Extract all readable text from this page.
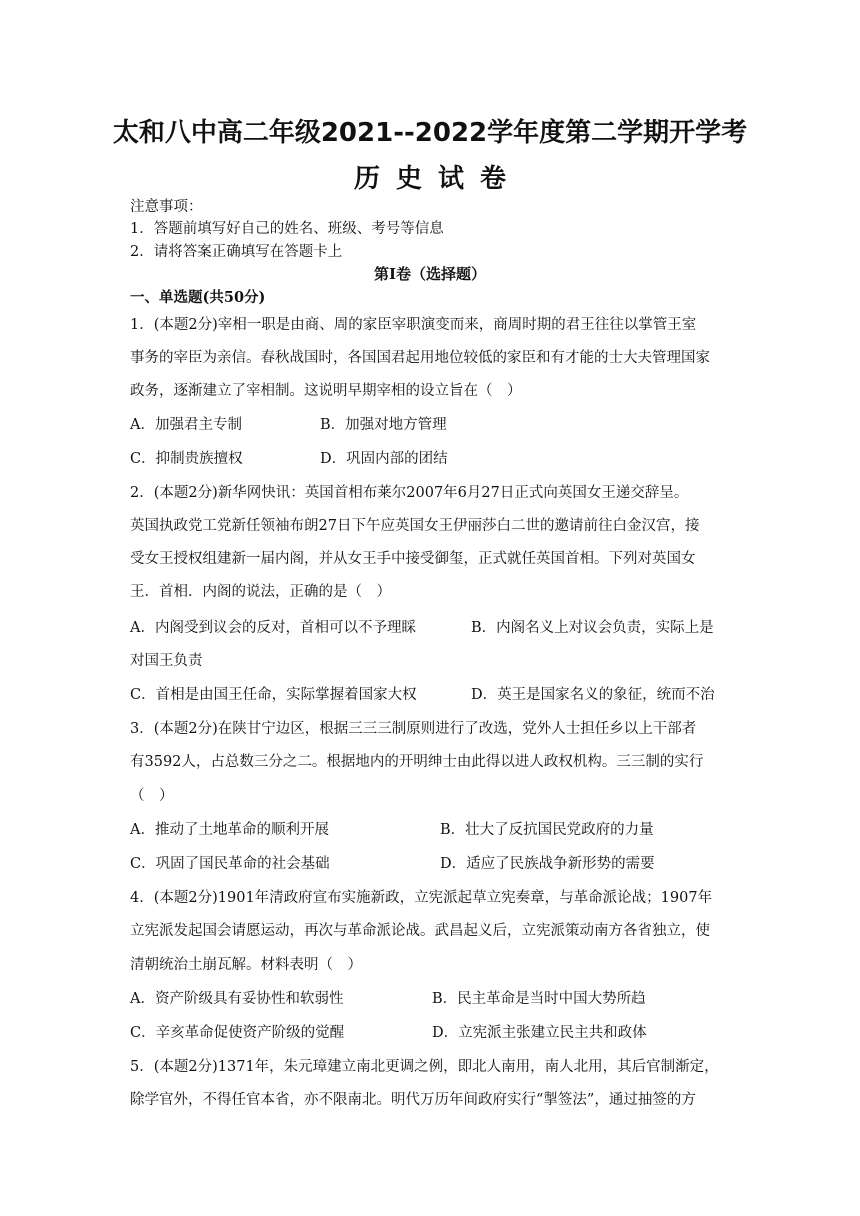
太和八中高二年级2021--2022学年度第二学期开学考
历史试卷
注意事项：
1．答题前填写好自己的姓名、班级、考号等信息
2．请将答案正确填写在答题卡上
第Ⅰ卷（选择题）
一、单选题(共50分)
1．(本题2分)宰相一职是由商、周的家臣宰职演变而来，商周时期的君王往往以掌管王室
事务的宰臣为亲信。春秋战国时，各国国君起用地位较低的家臣和有才能的士大夫管理国家
政务，逐渐建立了宰相制。这说明早期宰相的设立旨在（　）
A．加强君主专制	B．加强对地方管理
C．抑制贵族擅权	D．巩固内部的团结
2．(本题2分)新华网快讯：英国首相布莱尔2007年6月27日正式向英国女王递交辞呈。
英国执政党工党新任领袖布朗27日下午应英国女王伊丽莎白二世的邀请前往白金汉宫，接
受女王授权组建新一届内阁，并从女王手中接受御玺，正式就任英国首相。下列对英国女
王．首相．内阁的说法，正确的是（　）
A．内阁受到议会的反对，首相可以不予理睬	B．内阁名义上对议会负责，实际上是
对国王负责
C．首相是由国王任命，实际掌握着国家大权	D．英王是国家名义的象征，统而不治
3．(本题2分)在陕甘宁边区，根据三三三制原则进行了改选，党外人士担任乡以上干部者
有3592人，占总数三分之二。根据地内的开明绅士由此得以进人政权机构。三三制的实行
（　）
A．推动了土地革命的顺利开展	B．壮大了反抗国民党政府的力量
C．巩固了国民革命的社会基础	D．适应了民族战争新形势的需要
4．(本题2分)1901年清政府宣布实施新政，立宪派起草立宪奏章，与革命派论战；1907年
立宪派发起国会请愿运动，再次与革命派论战。武昌起义后，立宪派策动南方各省独立，使
清朝统治土崩瓦解。材料表明（　）
A．资产阶级具有妥协性和软弱性	B．民主革命是当时中国大势所趋
C．辛亥革命促使资产阶级的觉醒	D．立宪派主张建立民主共和政体
5．(本题2分)1371年，朱元璋建立南北更调之例，即北人南用，南人北用，其后官制渐定，
除学官外，不得任官本省，亦不限南北。明代万历年间政府实行“掣签法”，通过抽签的方
